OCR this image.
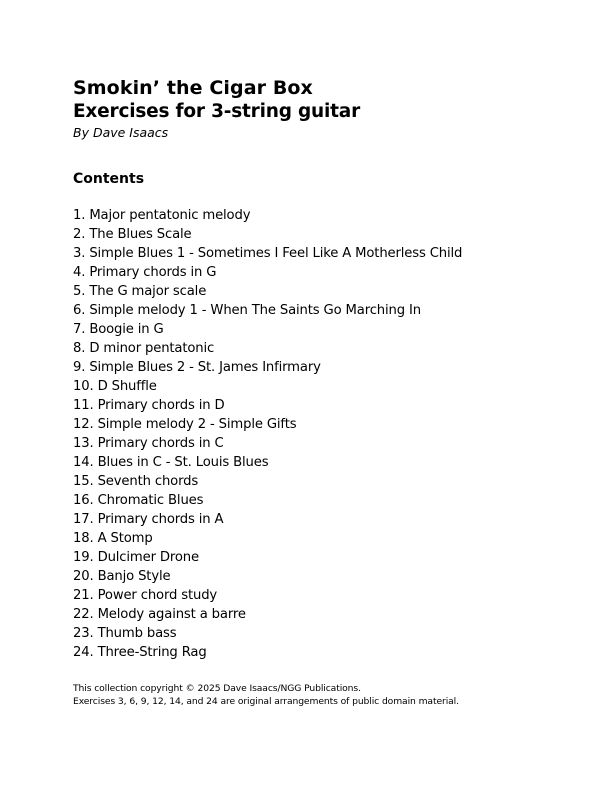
Smokin’ the Cigar Box
Exercises for 3-string guitar

By Dave Isaacs

Contents
1. Major pentatonic melody
2. The Blues Scale
3. Simple Blues 1 - Sometimes I Feel Like A Motherless Child
4. Primary chords in G
5. The G major scale
6. Simple melody 1 - When The Saints Go Marching In
7. Boogie in G
8. D minor pentatonic
9. Simple Blues 2 - St. James Infirmary
10. D Shuffle
11. Primary chords in D
12. Simple melody 2 - Simple Gifts
13. Primary chords in C
14. Blues in C - St. Louis Blues
15. Seventh chords
16. Chromatic Blues
17. Primary chords in A
18. A Stomp
19. Dulcimer Drone
20. Banjo Style
21. Power chord study
22. Melody against a barre
23. Thumb bass
24. Three-String Rag
This collection copyright © 2025 Dave Isaacs/NGG Publications.
Exercises 3, 6, 9, 12, 14, and 24 are original arrangements of public domain material.
